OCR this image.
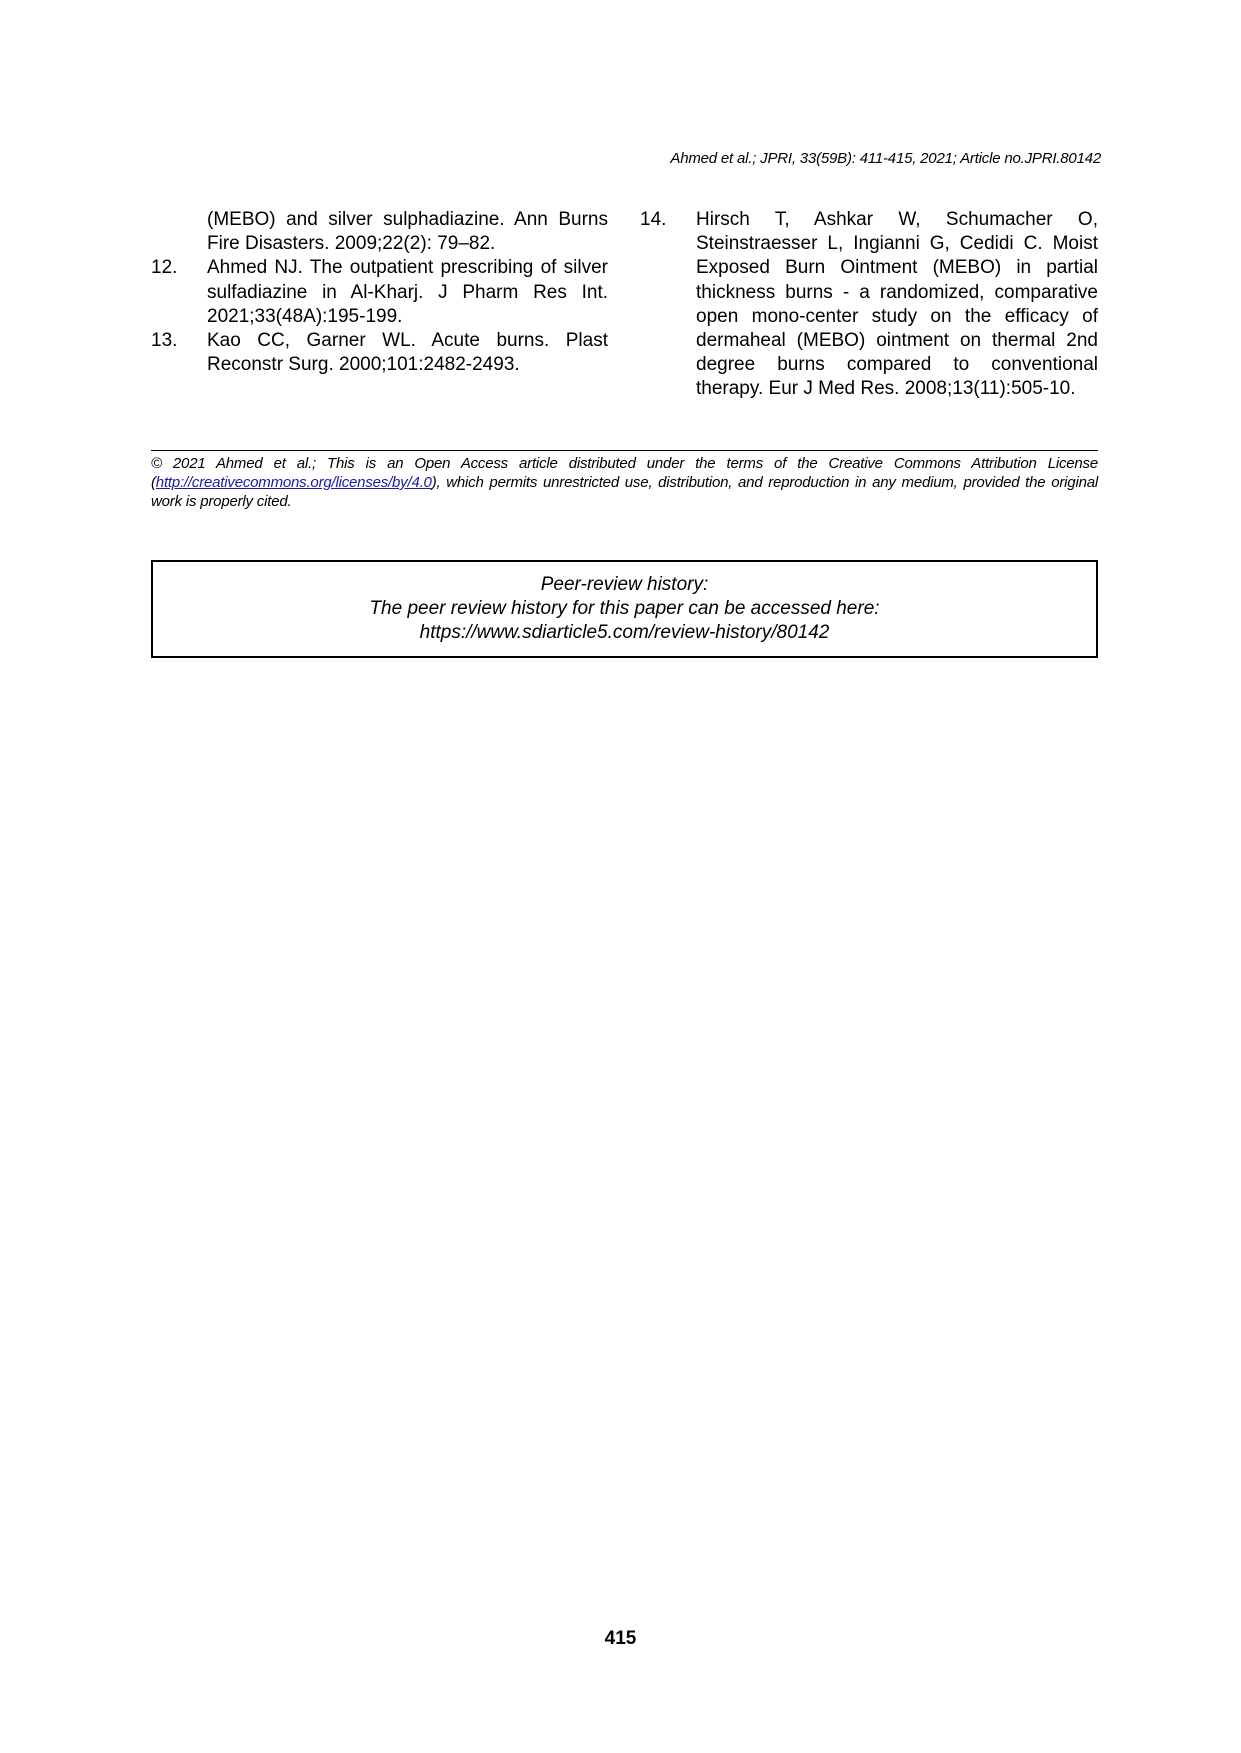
Ahmed et al.; JPRI, 33(59B): 411-415, 2021; Article no.JPRI.80142
(MEBO) and silver sulphadiazine. Ann Burns Fire Disasters. 2009;22(2): 79–82.
12. Ahmed NJ. The outpatient prescribing of silver sulfadiazine in Al-Kharj. J Pharm Res Int. 2021;33(48A):195-199.
13. Kao CC, Garner WL. Acute burns. Plast Reconstr Surg. 2000;101:2482-2493.
14. Hirsch T, Ashkar W, Schumacher O, Steinstraesser L, Ingianni G, Cedidi C. Moist Exposed Burn Ointment (MEBO) in partial thickness burns - a randomized, comparative open mono-center study on the efficacy of dermaheal (MEBO) ointment on thermal 2nd degree burns compared to conventional therapy. Eur J Med Res. 2008;13(11):505-10.
© 2021 Ahmed et al.; This is an Open Access article distributed under the terms of the Creative Commons Attribution License (http://creativecommons.org/licenses/by/4.0), which permits unrestricted use, distribution, and reproduction in any medium, provided the original work is properly cited.
Peer-review history:
The peer review history for this paper can be accessed here:
https://www.sdiarticle5.com/review-history/80142
415
